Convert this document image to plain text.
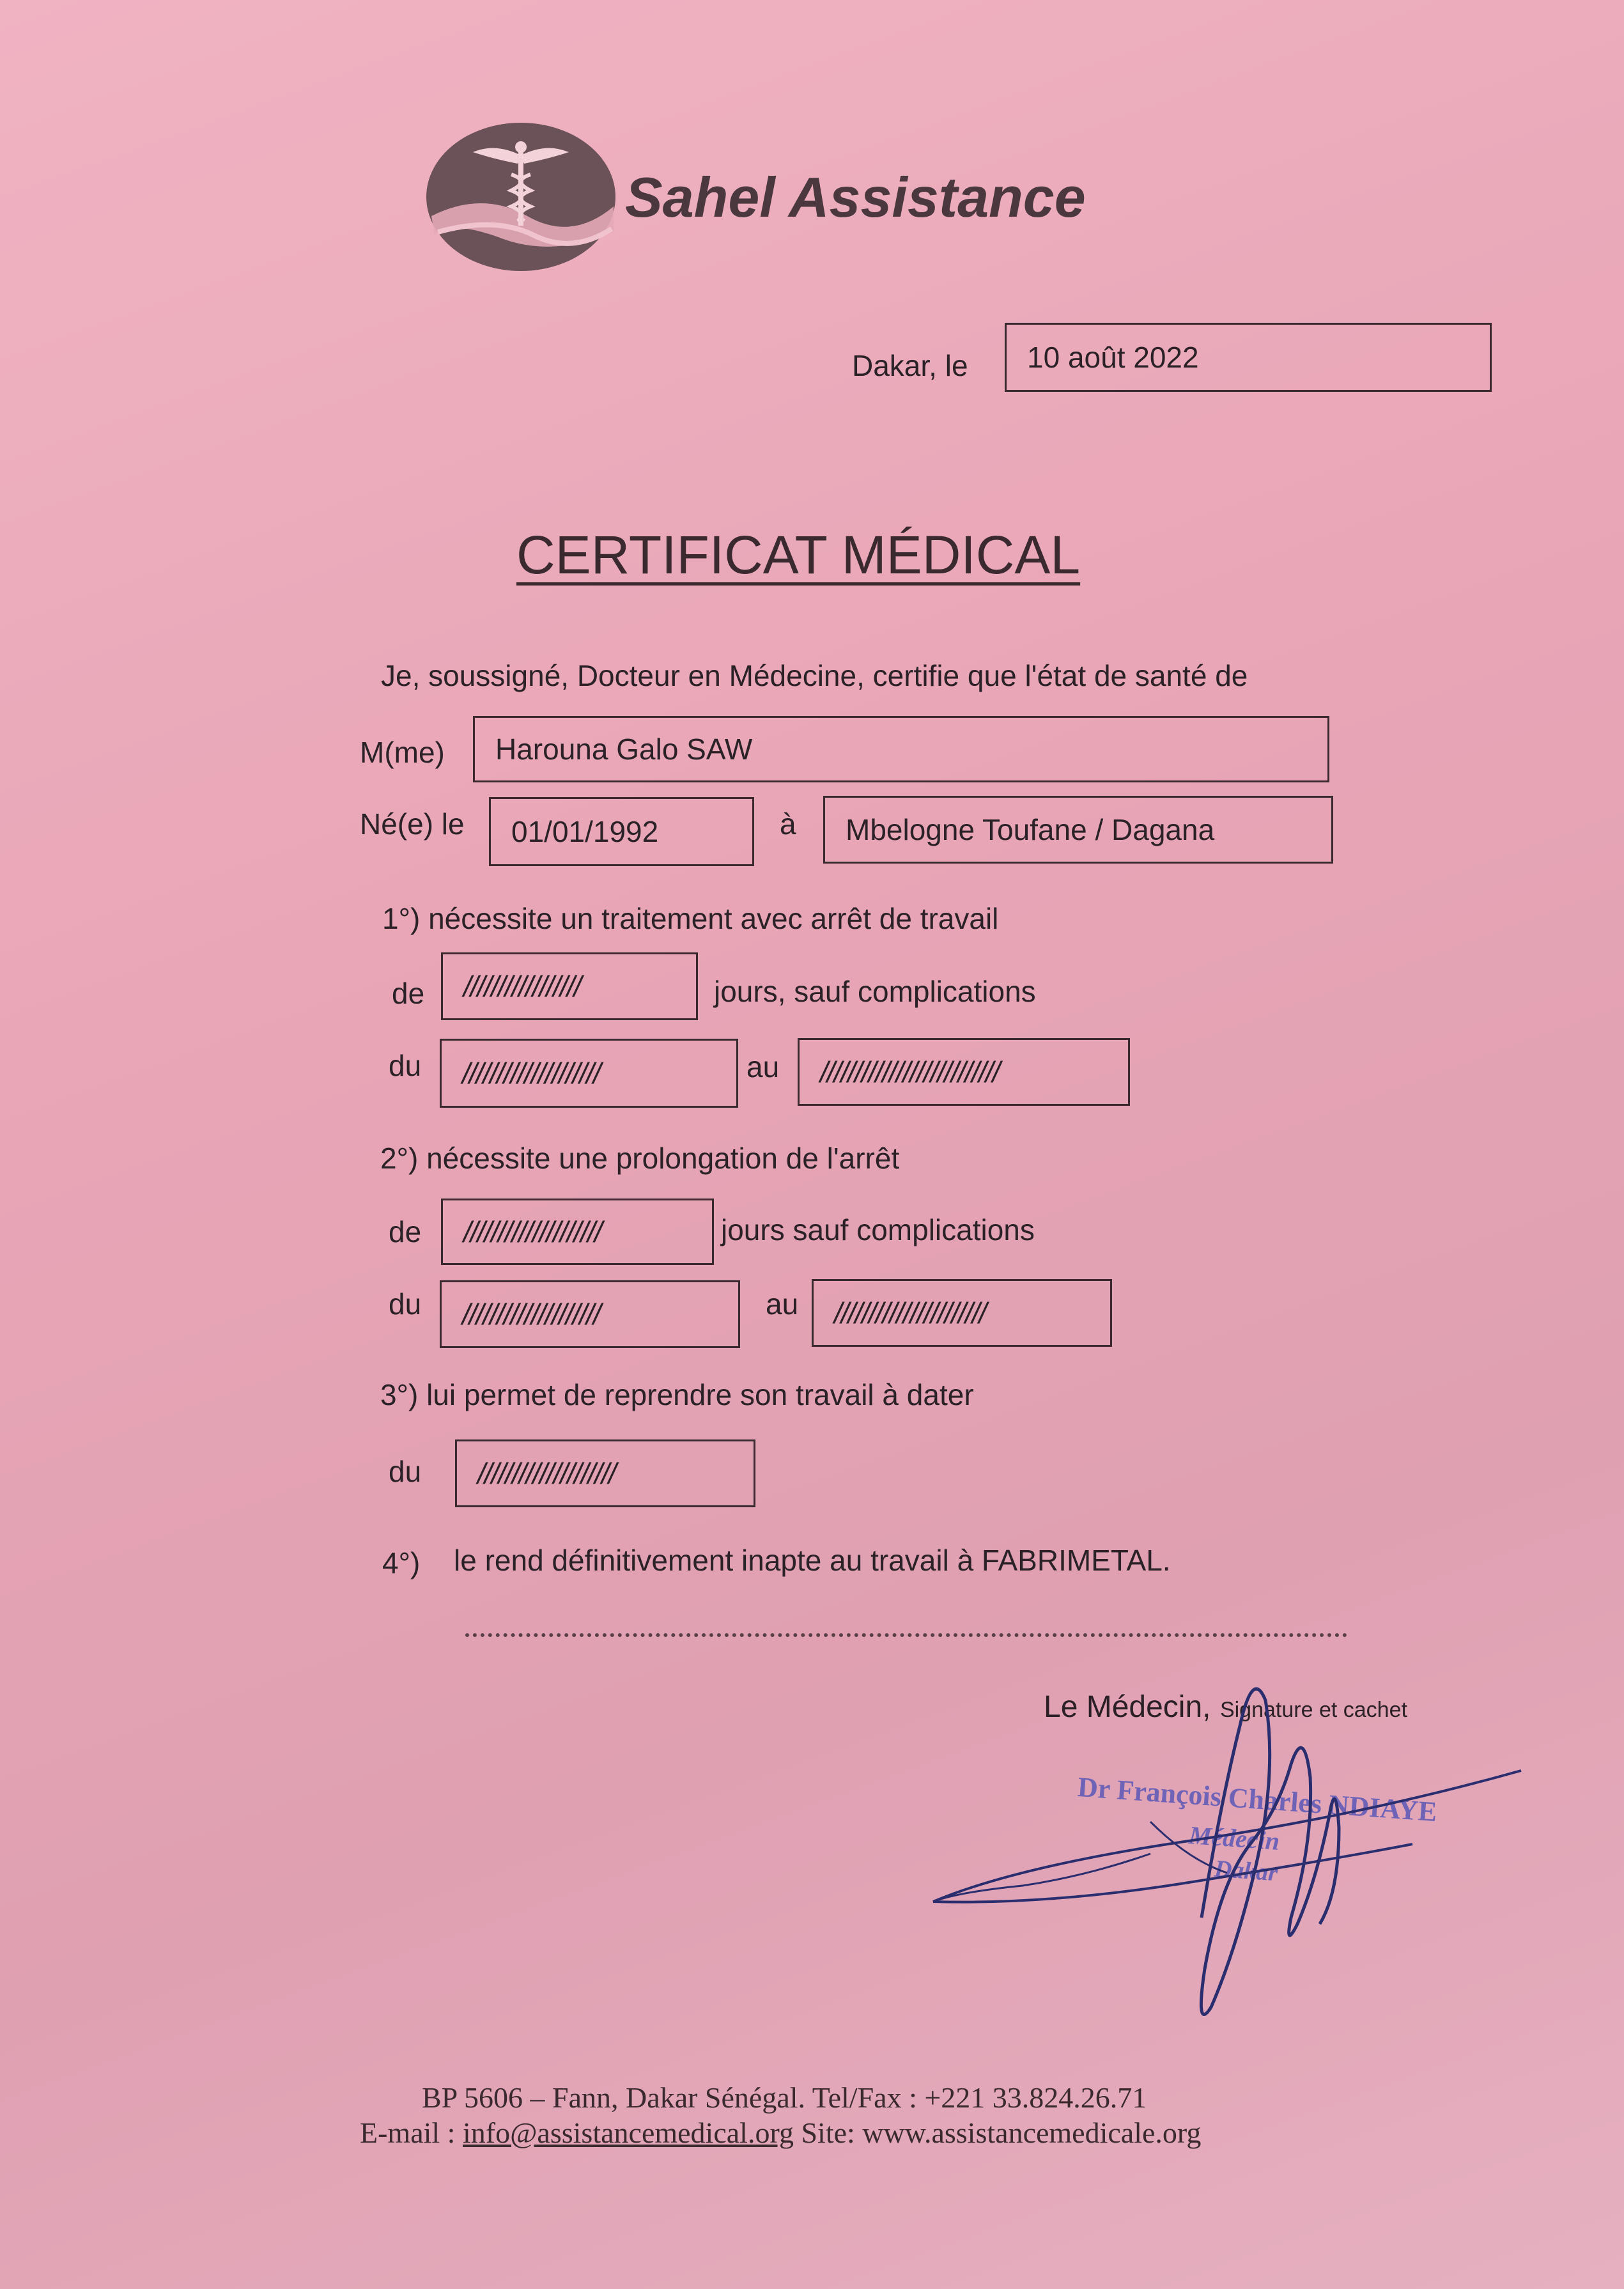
Sahel Assistance
Dakar, le	10 août 2022
CERTIFICAT MÉDICAL
Je, soussigné, Docteur en Médecine, certifie que l'état de santé de
M(me)	Harouna Galo SAW
Né(e) le	01/01/1992	à	Mbelogne Toufane / Dagana
1°) nécessite un traitement avec arrêt de travail
de	/////////////////	jours, sauf complications
du	////////////////////	au	//////////////////////////
2°) nécessite une prolongation de l'arrêt
de	////////////////////	jours sauf complications
du	////////////////////	au	//////////////////////
3°) lui permet de reprendre son travail à dater
du	////////////////////
4°) le rend définitivement inapte au travail à FABRIMETAL.
Le Médecin, Signature et cachet
Dr François Charles NDIAYE
Médecin
Dakar
BP 5606 – Fann, Dakar Sénégal. Tel/Fax : +221 33.824.26.71
E-mail : info@assistancemedical.org Site: www.assistancemedicale.org
